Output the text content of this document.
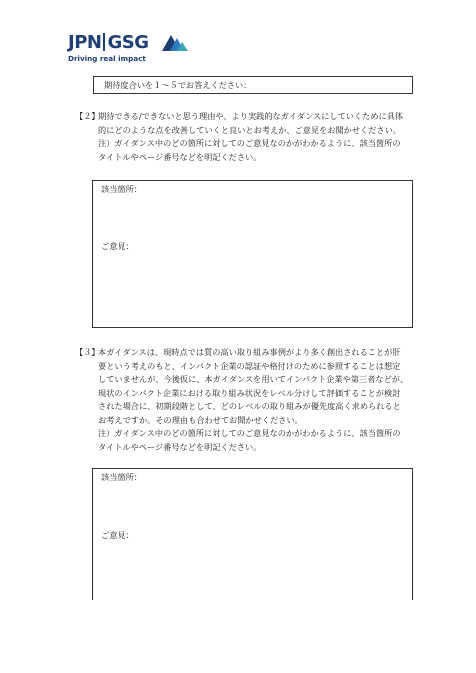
JPN GSG
Driving real impact
期待度合いを１～５でお答えください：
【２】
期待できる/できないと思う理由や、より実践的なガイダンスにしていくために具体
的にどのような点を改善していくと良いとお考えか、ご意見をお聞かせください。
注）ガイダンス中のどの箇所に対してのご意見なのかがわかるように、該当箇所の
タイトルやページ番号などを明記ください。
該当箇所：
ご意見：
【３】
本ガイダンスは、現時点では質の高い取り組み事例がより多く創出されることが肝
要という考えのもと、インパクト企業の認証や格付けのために参照することは想定
していませんが、今後仮に、本ガイダンスを用いてインパクト企業や第三者などが、
現状のインパクト企業における取り組み状況をレベル分けして評価することが検討
された場合に、初期段階として、どのレベルの取り組みが優先度高く求められると
お考えですか。その理由も合わせてお聞かせください。
注）ガイダンス中のどの箇所に対してのご意見なのかがわかるように、該当箇所の
タイトルやページ番号などを明記ください。
該当箇所：
ご意見：
